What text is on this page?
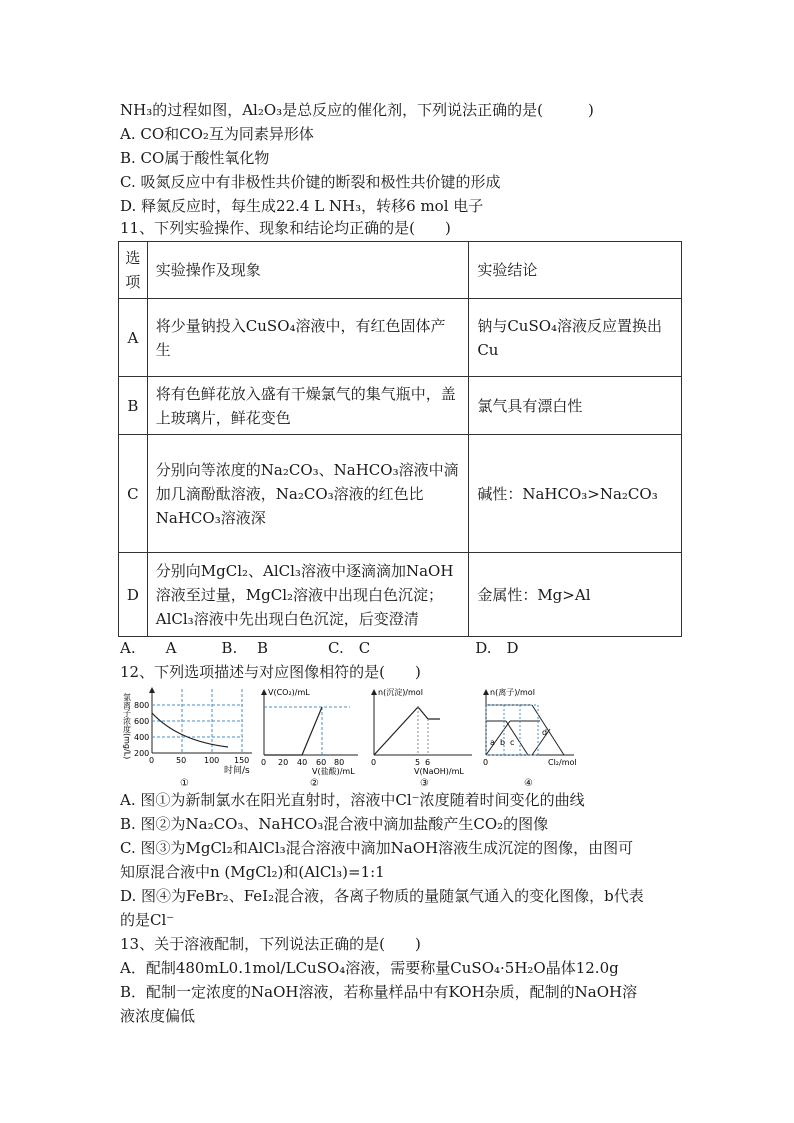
NH₃的过程如图，Al₂O₃是总反应的催化剂，下列说法正确的是(　　　)
A. CO和CO₂互为同素异形体
B. CO属于酸性氧化物
C. 吸氮反应中有非极性共价键的断裂和极性共价键的形成
D. 释氮反应时，每生成22.4 L NH₃，转移6 mol 电子
11、下列实验操作、现象和结论均正确的是(　　)
选项	实验操作及现象	实验结论
A	将少量钠投入CuSO₄溶液中，有红色固体产生	钠与CuSO₄溶液反应置换出Cu
B	将有色鲜花放入盛有干燥氯气的集气瓶中，盖上玻璃片，鲜花变色	氯气具有漂白性
C	分别向等浓度的Na₂CO₃、NaHCO₃溶液中滴加几滴酚酞溶液，Na₂CO₃溶液的红色比NaHCO₃溶液深	碱性：NaHCO₃>Na₂CO₃
D	分别向MgCl₂、AlCl₃溶液中逐滴滴加NaOH溶液至过量，MgCl₂溶液中出现白色沉淀；AlCl₃溶液中先出现白色沉淀，后变澄清	金属性：Mg>Al
A.　　A　　　B.　 B　　　　C.　C　　　　　　　D.　D
12、下列选项描述与对应图像相符的是(　　)
氯离子浓度(mg/L) 800
600
400
200
0	50 100 150
时间/s
①
V(CO₂)/mL
0 20 40 60 80
V(盐酸)/mL
②
n(沉淀)/mol
0	5 6
V(NaOH)/mL
③
n(离子)/mol
a b c
d
0	Cl₂/mol
④
A. 图①为新制氯水在阳光直射时，溶液中Cl⁻浓度随着时间变化的曲线
B. 图②为Na₂CO₃、NaHCO₃混合液中滴加盐酸产生CO₂的图像
C. 图③为MgCl₂和AlCl₃混合溶液中滴加NaOH溶液生成沉淀的图像，由图可
知原混合液中n (MgCl₂)和(AlCl₃)=1:1
D. 图④为FeBr₂、FeI₂混合液，各离子物质的量随氯气通入的变化图像，b代表
的是Cl⁻
13、关于溶液配制，下列说法正确的是(　　)
A．配制480mL0.1mol/LCuSO₄溶液，需要称量CuSO₄·5H₂O晶体12.0g
B．配制一定浓度的NaOH溶液，若称量样品中有KOH杂质，配制的NaOH溶
液浓度偏低
